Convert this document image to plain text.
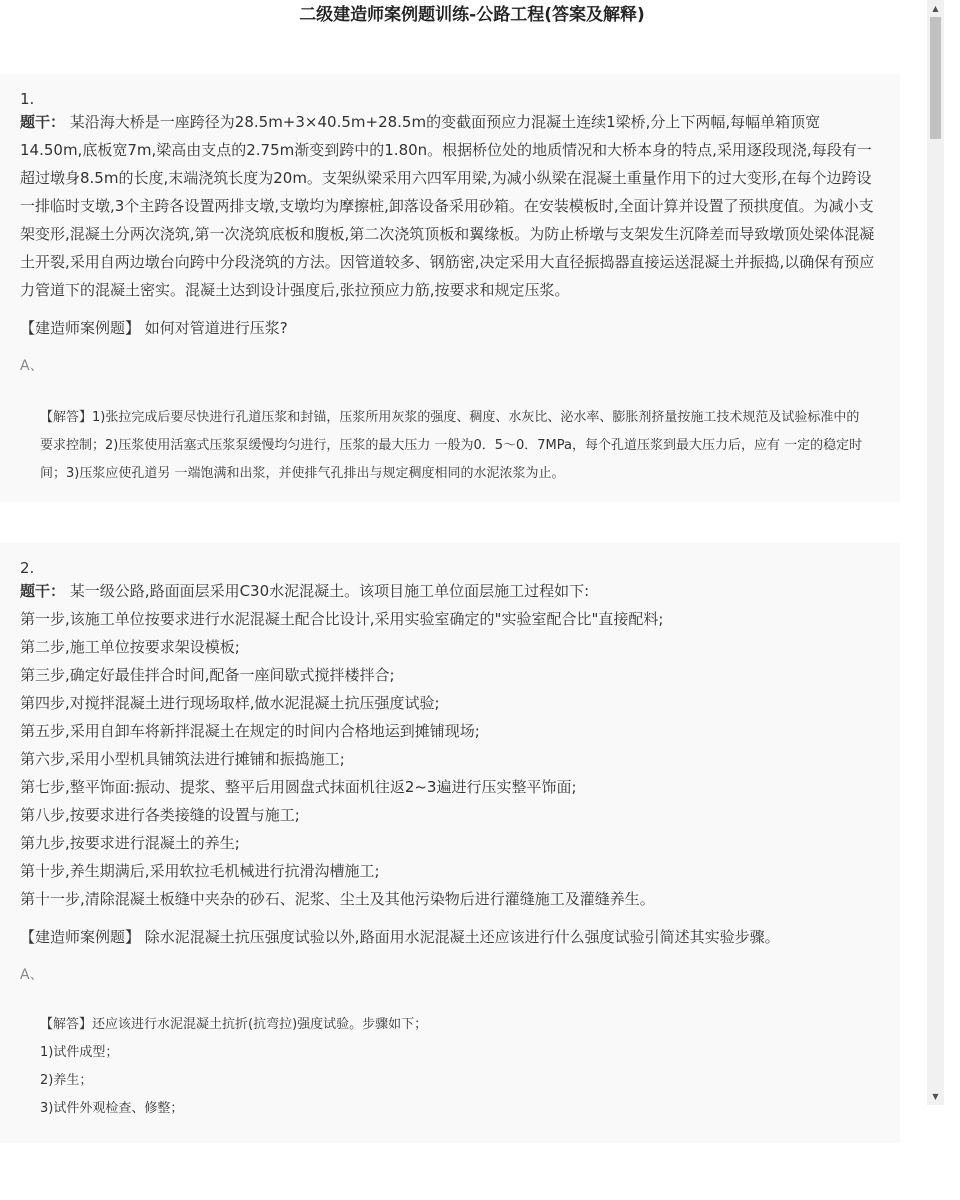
二级建造师案例题训练-公路工程(答案及解释)

1.

题干： 某沿海大桥是一座跨径为28.5m+3×40.5m+28.5m的变截面预应力混凝土连续1梁桥,分上下两幅,每幅单箱顶宽14.50m,底板宽7m,梁高由支点的2.75m渐变到跨中的1.80n。根据桥位处的地质情况和大桥本身的特点,采用逐段现浇,每段有一超过墩身8.5m的长度,末端浇筑长度为20m。支架纵梁采用六四军用梁,为减小纵梁在混凝土重量作用下的过大变形,在每个边跨设一排临时支墩,3个主跨各设置两排支墩,支墩均为摩擦桩,卸落设备采用砂箱。在安装模板时,全面计算并设置了预拱度值。为减小支架变形,混凝土分两次浇筑,第一次浇筑底板和腹板,第二次浇筑顶板和翼缘板。为防止桥墩与支架发生沉降差而导致墩顶处梁体混凝土开裂,采用自两边墩台向跨中分段浇筑的方法。因管道较多、钢筋密,决定采用大直径振捣器直接运送混凝土并振捣,以确保有预应力管道下的混凝土密实。混凝土达到设计强度后,张拉预应力筋,按要求和规定压浆。

【建造师案例题】 如何对管道进行压浆?

A、

【解答】1)张拉完成后要尽快进行孔道压浆和封锚，压浆所用灰浆的强度、稠度、水灰比、泌水率、膨胀剂挤量按施工技术规范及试验标准中的要求控制；2)压浆使用活塞式压浆泵缓慢均匀进行，压浆的最大压力 一般为0．5～0．7MPa，每个孔道压浆到最大压力后，应有 一定的稳定时间；3)压浆应使孔道另 一端饱满和出浆，并使排气孔排出与规定稠度相同的水泥浓浆为止。

2.

题干： 某一级公路,路面面层采用C30水泥混凝土。该项目施工单位面层施工过程如下:

第一步,该施工单位按要求进行水泥混凝土配合比设计,采用实验室确定的"实验室配合比"直接配料;

第二步,施工单位按要求架设模板;

第三步,确定好最佳拌合时间,配备一座间歇式搅拌楼拌合;

第四步,对搅拌混凝土进行现场取样,做水泥混凝土抗压强度试验;

第五步,采用自卸车将新拌混凝土在规定的时间内合格地运到摊铺现场;

第六步,采用小型机具铺筑法进行摊铺和振捣施工;

第七步,整平饰面:振动、提浆、整平后用圆盘式抹面机往返2~3遍进行压实整平饰面;

第八步,按要求进行各类接缝的设置与施工;

第九步,按要求进行混凝土的养生;

第十步,养生期满后,采用软拉毛机械进行抗滑沟槽施工;

第十一步,清除混凝土板缝中夹杂的砂石、泥浆、尘土及其他污染物后进行灌缝施工及灌缝养生。

【建造师案例题】 除水泥混凝土抗压强度试验以外,路面用水泥混凝土还应该进行什么强度试验引简述其实验步骤。

A、

【解答】还应该进行水泥混凝土抗折(抗弯拉)强度试验。步骤如下；

1)试件成型；

2)养生；

3)试件外观检查、修整；

▲
▼
